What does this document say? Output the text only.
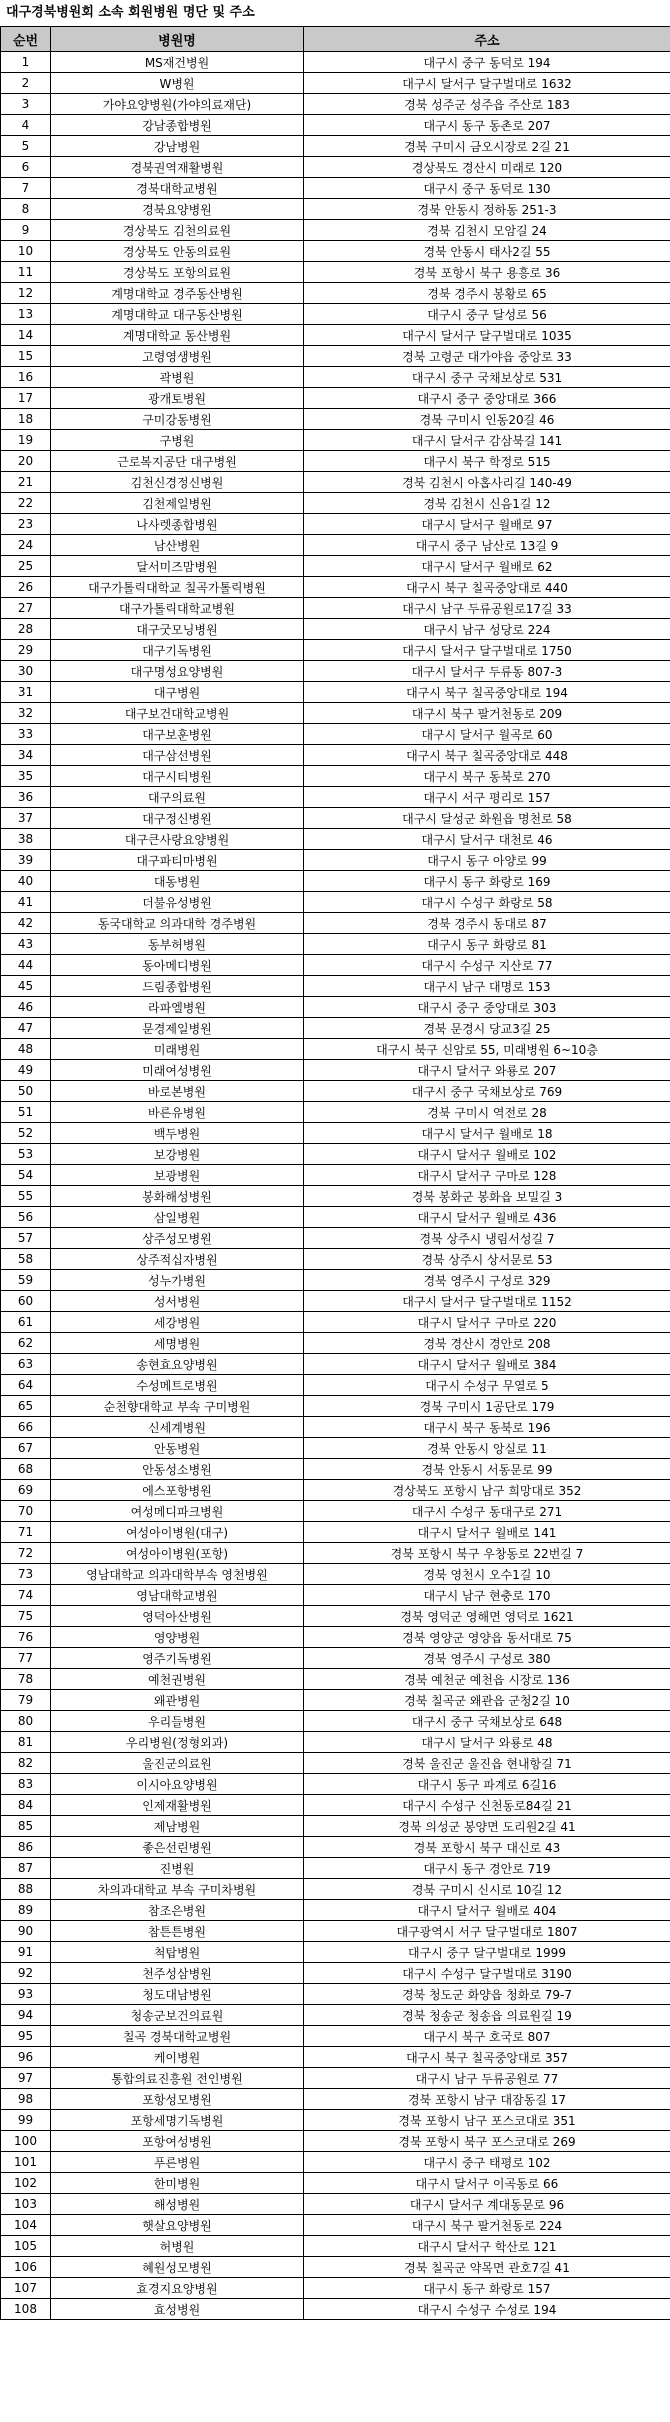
대구경북병원회 소속 회원병원 명단 및 주소
순번	병원명	주소
1	MS재건병원	대구시 중구 동덕로 194
2	W병원	대구시 달서구 달구벌대로 1632
3	가야요양병원(가야의료재단)	경북 성주군 성주읍 주산로 183
4	강남종합병원	대구시 동구 동촌로 207
5	강남병원	경북 구미시 금오시장로 2길 21
6	경북권역재활병원	경상북도 경산시 미래로 120
7	경북대학교병원	대구시 중구 동덕로 130
8	경북요양병원	경북 안동시 정하동 251-3
9	경상북도 김천의료원	경북 김천시 모암길 24
10	경상북도 안동의료원	경북 안동시 태사2길 55
11	경상북도 포항의료원	경북 포항시 북구 용흥로 36
12	계명대학교 경주동산병원	경북 경주시 봉황로 65
13	계명대학교 대구동산병원	대구시 중구 달성로 56
14	계명대학교 동산병원	대구시 달서구 달구벌대로 1035
15	고령영생병원	경북 고령군 대가야읍 중앙로 33
16	곽병원	대구시 중구 국채보상로 531
17	광개토병원	대구시 중구 중앙대로 366
18	구미강동병원	경북 구미시 인동20길 46
19	구병원	대구시 달서구 감삼북길 141
20	근로복지공단 대구병원	대구시 북구 학정로 515
21	김천신경정신병원	경북 김천시 아홉사리길 140-49
22	김천제일병원	경북 김천시 신음1길 12
23	나사렛종합병원	대구시 달서구 월배로 97
24	남산병원	대구시 중구 남산로 13길 9
25	달서미즈맘병원	대구시 달서구 월배로 62
26	대구가톨릭대학교 칠곡가톨릭병원	대구시 북구 칠곡중앙대로 440
27	대구가톨릭대학교병원	대구시 남구 두류공원로17길 33
28	대구굿모닝병원	대구시 남구 성당로 224
29	대구기독병원	대구시 달서구 달구벌대로 1750
30	대구명성요양병원	대구시 달서구 두류동 807-3
31	대구병원	대구시 북구 칠곡중앙대로 194
32	대구보건대학교병원	대구시 북구 팔거천동로 209
33	대구보훈병원	대구시 달서구 월곡로 60
34	대구삼선병원	대구시 북구 칠곡중앙대로 448
35	대구시티병원	대구시 북구 동북로 270
36	대구의료원	대구시 서구 평리로 157
37	대구정신병원	대구시 달성군 화원읍 명천로 58
38	대구큰사랑요양병원	대구시 달서구 대천로 46
39	대구파티마병원	대구시 동구 아양로 99
40	대동병원	대구시 동구 화랑로 169
41	더불유성병원	대구시 수성구 화랑로 58
42	동국대학교 의과대학 경주병원	경북 경주시 동대로 87
43	동부허병원	대구시 동구 화랑로 81
44	동아메디병원	대구시 수성구 지산로 77
45	드림종합병원	대구시 남구 대명로 153
46	라파엘병원	대구시 중구 중앙대로 303
47	문경제일병원	경북 문경시 당교3길 25
48	미래병원	대구시 북구 신암로 55, 미래병원 6~10층
49	미래여성병원	대구시 달서구 와룡로 207
50	바로본병원	대구시 중구 국채보상로 769
51	바른유병원	경북 구미시 역전로 28
52	백두병원	대구시 달서구 월배로 18
53	보강병원	대구시 달서구 월배로 102
54	보광병원	대구시 달서구 구마로 128
55	봉화해성병원	경북 봉화군 봉화읍 보밀길 3
56	삼일병원	대구시 달서구 월배로 436
57	상주성모병원	경북 상주시 냉림서성길 7
58	상주적십자병원	경북 상주시 상서문로 53
59	성누가병원	경북 영주시 구성로 329
60	성서병원	대구시 달서구 달구벌대로 1152
61	세강병원	대구시 달서구 구마로 220
62	세명병원	경북 경산시 경안로 208
63	송현효요양병원	대구시 달서구 월배로 384
64	수성메트로병원	대구시 수성구 무열로 5
65	순천향대학교 부속 구미병원	경북 구미시 1공단로 179
66	신세계병원	대구시 북구 동북로 196
67	안동병원	경북 안동시 앙실로 11
68	안동성소병원	경북 안동시 서동문로 99
69	에스포항병원	경상북도 포항시 남구 희망대로 352
70	여성메디파크병원	대구시 수성구 동대구로 271
71	여성아이병원(대구)	대구시 달서구 월배로 141
72	여성아이병원(포항)	경북 포항시 북구 우창동로 22번길 7
73	영남대학교 의과대학부속 영천병원	경북 영천시 오수1길 10
74	영남대학교병원	대구시 남구 현충로 170
75	영덕아산병원	경북 영덕군 영해면 영덕로 1621
76	영양병원	경북 영양군 영양읍 동서대로 75
77	영주기독병원	경북 영주시 구성로 380
78	예천권병원	경북 예천군 예천읍 시장로 136
79	왜관병원	경북 칠곡군 왜관읍 군청2길 10
80	우리들병원	대구시 중구 국채보상로 648
81	우리병원(정형외과)	대구시 달서구 와룡로 48
82	울진군의료원	경북 울진군 울진읍 현내항길 71
83	이시아요양병원	대구시 동구 파계로 6길16
84	인제재활병원	대구시 수성구 신천동로84길 21
85	제남병원	경북 의성군 봉양면 도리원2길 41
86	좋은선린병원	경북 포항시 북구 대신로 43
87	진병원	대구시 동구 경안로 719
88	차의과대학교 부속 구미차병원	경북 구미시 신시로 10길 12
89	참조은병원	대구시 달서구 월배로 404
90	참튼튼병원	대구광역시 서구 달구벌대로 1807
91	척탑병원	대구시 중구 달구벌대로 1999
92	천주성삼병원	대구시 수성구 달구벌대로 3190
93	청도대남병원	경북 청도군 화양읍 청화로 79-7
94	청송군보건의료원	경북 청송군 청송읍 의료원길 19
95	칠곡 경북대학교병원	대구시 북구 호국로 807
96	케이병원	대구시 북구 칠곡중앙대로 357
97	통합의료진흥원 전인병원	대구시 남구 두류공원로 77
98	포항성모병원	경북 포항시 남구 대잠동길 17
99	포항세명기독병원	경북 포항시 남구 포스코대로 351
100	포항여성병원	경북 포항시 북구 포스코대로 269
101	푸른병원	대구시 중구 태평로 102
102	한미병원	대구시 달서구 이곡동로 66
103	해성병원	대구시 달서구 계대동문로 96
104	햇살요양병원	대구시 북구 팔거천동로 224
105	허병원	대구시 달서구 학산로 121
106	혜원성모병원	경북 칠곡군 약목면 관호7길 41
107	효경지요양병원	대구시 동구 화랑로 157
108	효성병원	대구시 수성구 수성로 194
